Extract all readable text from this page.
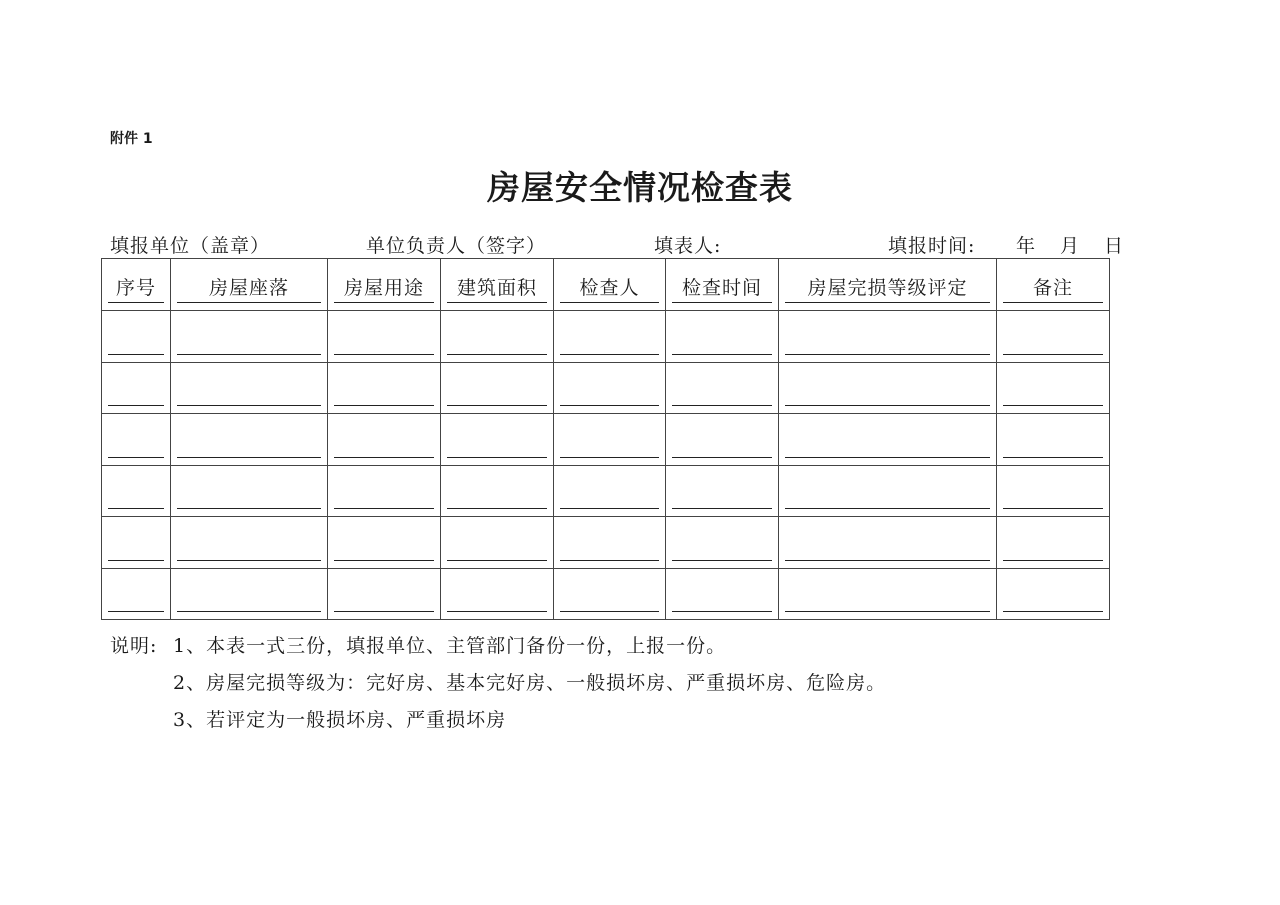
附件 1
房屋安全情况检查表
填报单位（盖章）	单位负责人（签字）	填表人:	填报时间: 年 月 日
序号	房屋座落	房屋用途	建筑面积	检查人	检查时间	房屋完损等级评定	备注

说明: 1、本表一式三份，填报单位、主管部门备份一份，上报一份。
2、房屋完损等级为：完好房、基本完好房、一般损坏房、严重损坏房、危险房。
3、若评定为一般损坏房、严重损坏房
